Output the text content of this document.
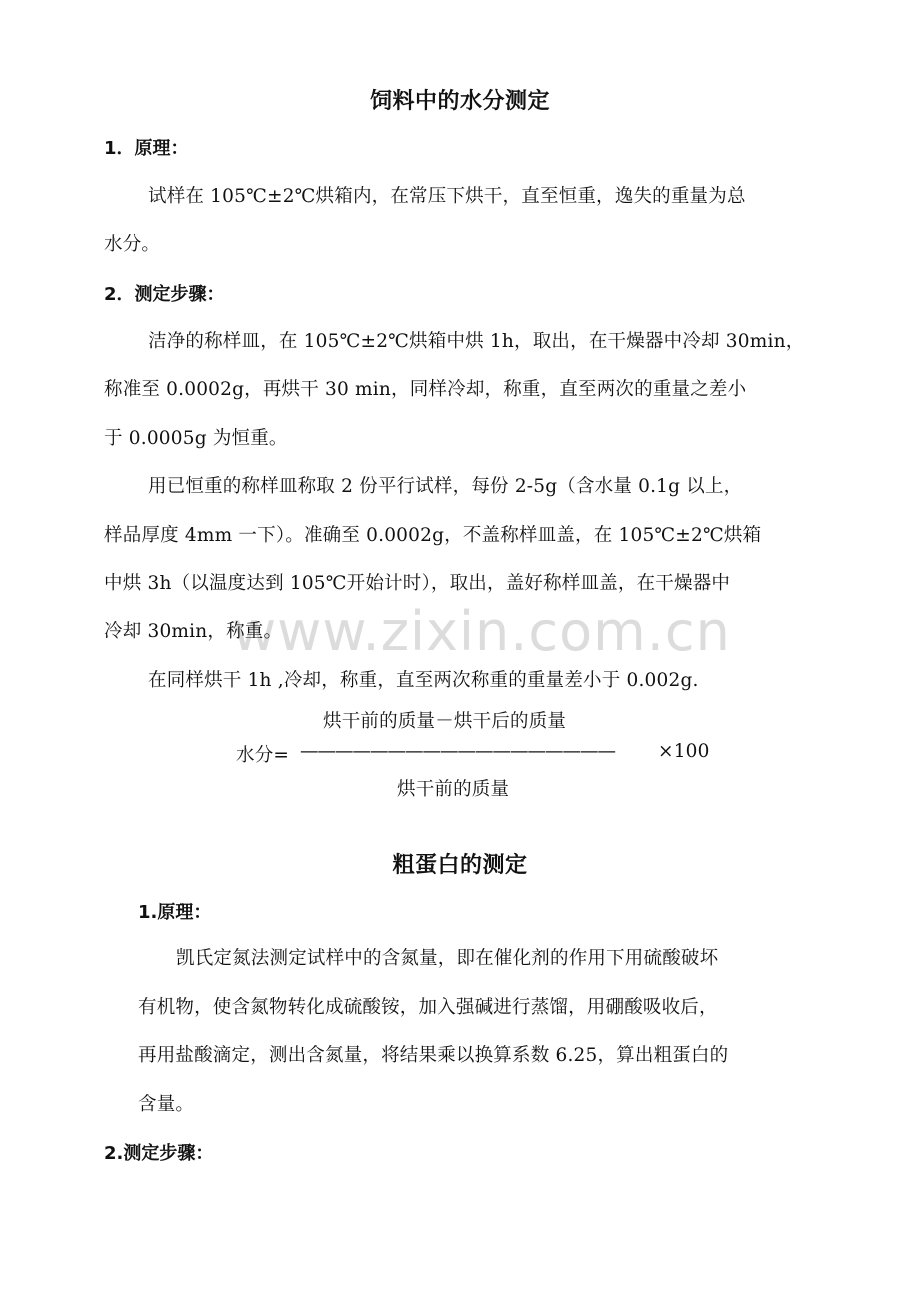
www.zixin.com.cn
饲料中的水分测定
1．原理：
试样在 105℃±2℃烘箱内，在常压下烘干，直至恒重，逸失的重量为总
水分。
2．测定步骤：
洁净的称样皿，在 105℃±2℃烘箱中烘 1h，取出，在干燥器中冷却 30min，
称准至 0.0002g，再烘干 30 min，同样冷却，称重，直至两次的重量之差小
于 0.0005g 为恒重。
用已恒重的称样皿称取 2 份平行试样，每份 2-5g（含水量 0.1g 以上，
样品厚度 4mm 一下）。准确至 0.0002g，不盖称样皿盖，在 105℃±2℃烘箱
中烘 3h（以温度达到 105℃开始计时），取出，盖好称样皿盖，在干燥器中
冷却 30min，称重。
在同样烘干 1h ,冷却，称重，直至两次称重的重量差小于 0.002g.
烘干前的质量－烘干后的质量
水分= —————————————————— ×100
烘干前的质量
粗蛋白的测定
1.原理：
凯氏定氮法测定试样中的含氮量，即在催化剂的作用下用硫酸破坏
有机物，使含氮物转化成硫酸铵，加入强碱进行蒸馏，用硼酸吸收后，
再用盐酸滴定，测出含氮量，将结果乘以换算系数 6.25，算出粗蛋白的
含量。
2.测定步骤：
